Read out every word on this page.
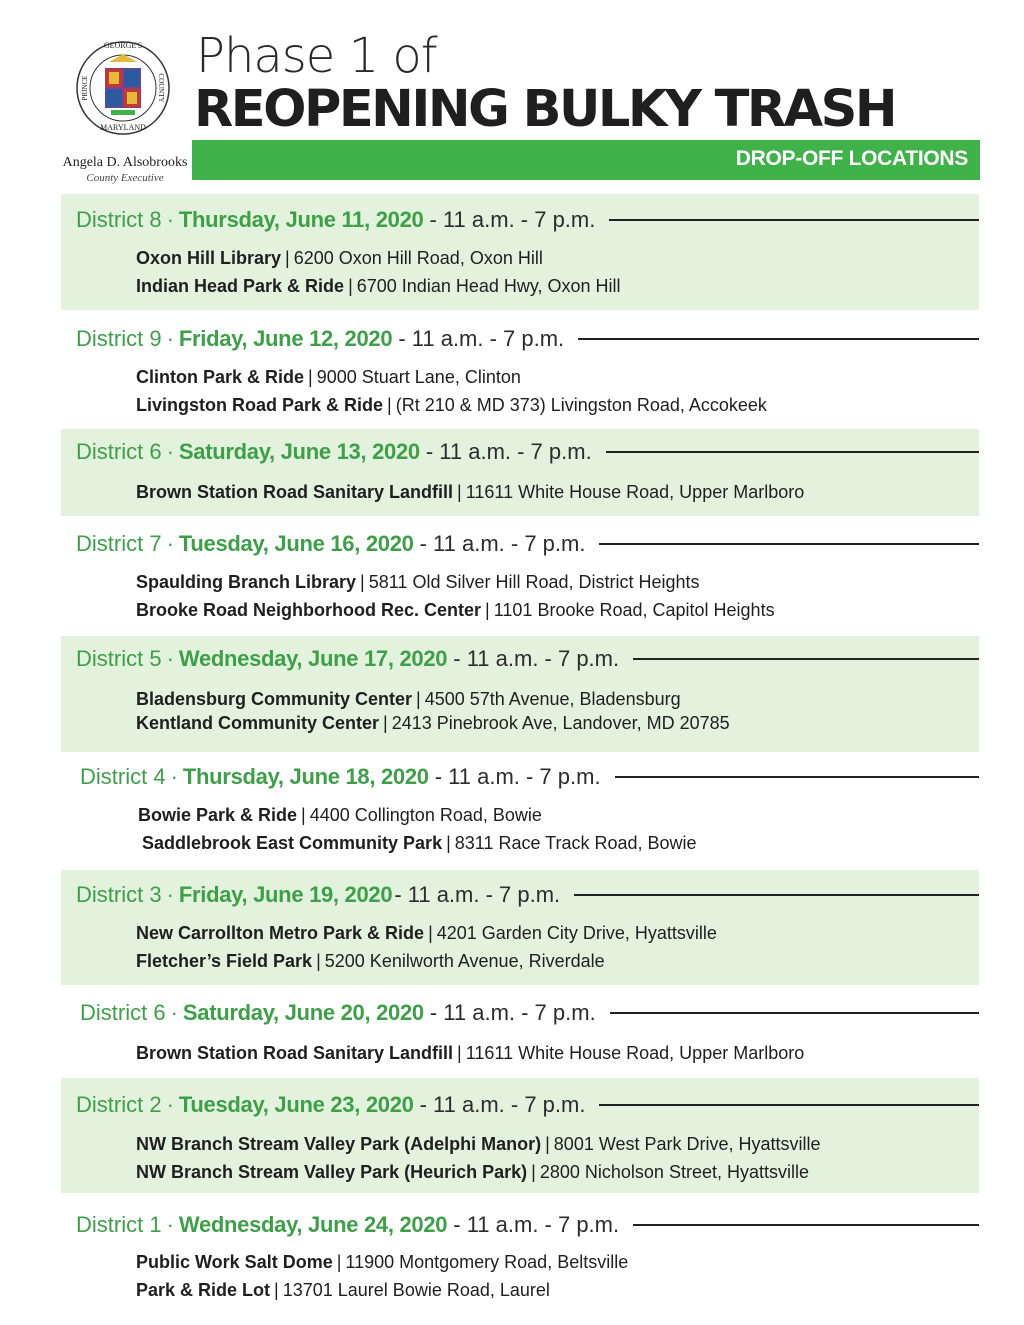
GEORGE'S
PRINCE	COUNTY
MARYLAND
Angela D. Alsobrooks
County Executive
Phase 1 of
REOPENING BULKY TRASH
DROP-OFF LOCATIONS
District 8 · Thursday, June 11, 2020 - 11 a.m. - 7 p.m.
Oxon Hill Library | 6200 Oxon Hill Road, Oxon Hill
Indian Head Park & Ride | 6700 Indian Head Hwy, Oxon Hill
District 9 · Friday, June 12, 2020 - 11 a.m. - 7 p.m.
Clinton Park & Ride | 9000 Stuart Lane, Clinton
Livingston Road Park & Ride | (Rt 210 & MD 373) Livingston Road, Accokeek
District 6 · Saturday, June 13, 2020 - 11 a.m. - 7 p.m.
Brown Station Road Sanitary Landfill | 11611 White House Road, Upper Marlboro
District 7 · Tuesday, June 16, 2020 - 11 a.m. - 7 p.m.
Spaulding Branch Library | 5811 Old Silver Hill Road, District Heights
Brooke Road Neighborhood Rec. Center | 1101 Brooke Road, Capitol Heights
District 5 · Wednesday, June 17, 2020 - 11 a.m. - 7 p.m.
Bladensburg Community Center | 4500 57th Avenue, Bladensburg
Kentland Community Center | 2413 Pinebrook Ave, Landover, MD 20785
District 4 · Thursday, June 18, 2020 - 11 a.m. - 7 p.m.
Bowie Park & Ride | 4400 Collington Road, Bowie
Saddlebrook East Community Park | 8311 Race Track Road, Bowie
District 3 · Friday, June 19, 2020 - 11 a.m. - 7 p.m.
New Carrollton Metro Park & Ride | 4201 Garden City Drive, Hyattsville
Fletcher’s Field Park | 5200 Kenilworth Avenue, Riverdale
District 6 · Saturday, June 20, 2020 - 11 a.m. - 7 p.m.
Brown Station Road Sanitary Landfill | 11611 White House Road, Upper Marlboro
District 2 · Tuesday, June 23, 2020 - 11 a.m. - 7 p.m.
NW Branch Stream Valley Park (Adelphi Manor) | 8001 West Park Drive, Hyattsville
NW Branch Stream Valley Park (Heurich Park) | 2800 Nicholson Street, Hyattsville
District 1 · Wednesday, June 24, 2020 - 11 a.m. - 7 p.m.
Public Work Salt Dome | 11900 Montgomery Road, Beltsville
Park & Ride Lot | 13701 Laurel Bowie Road, Laurel
